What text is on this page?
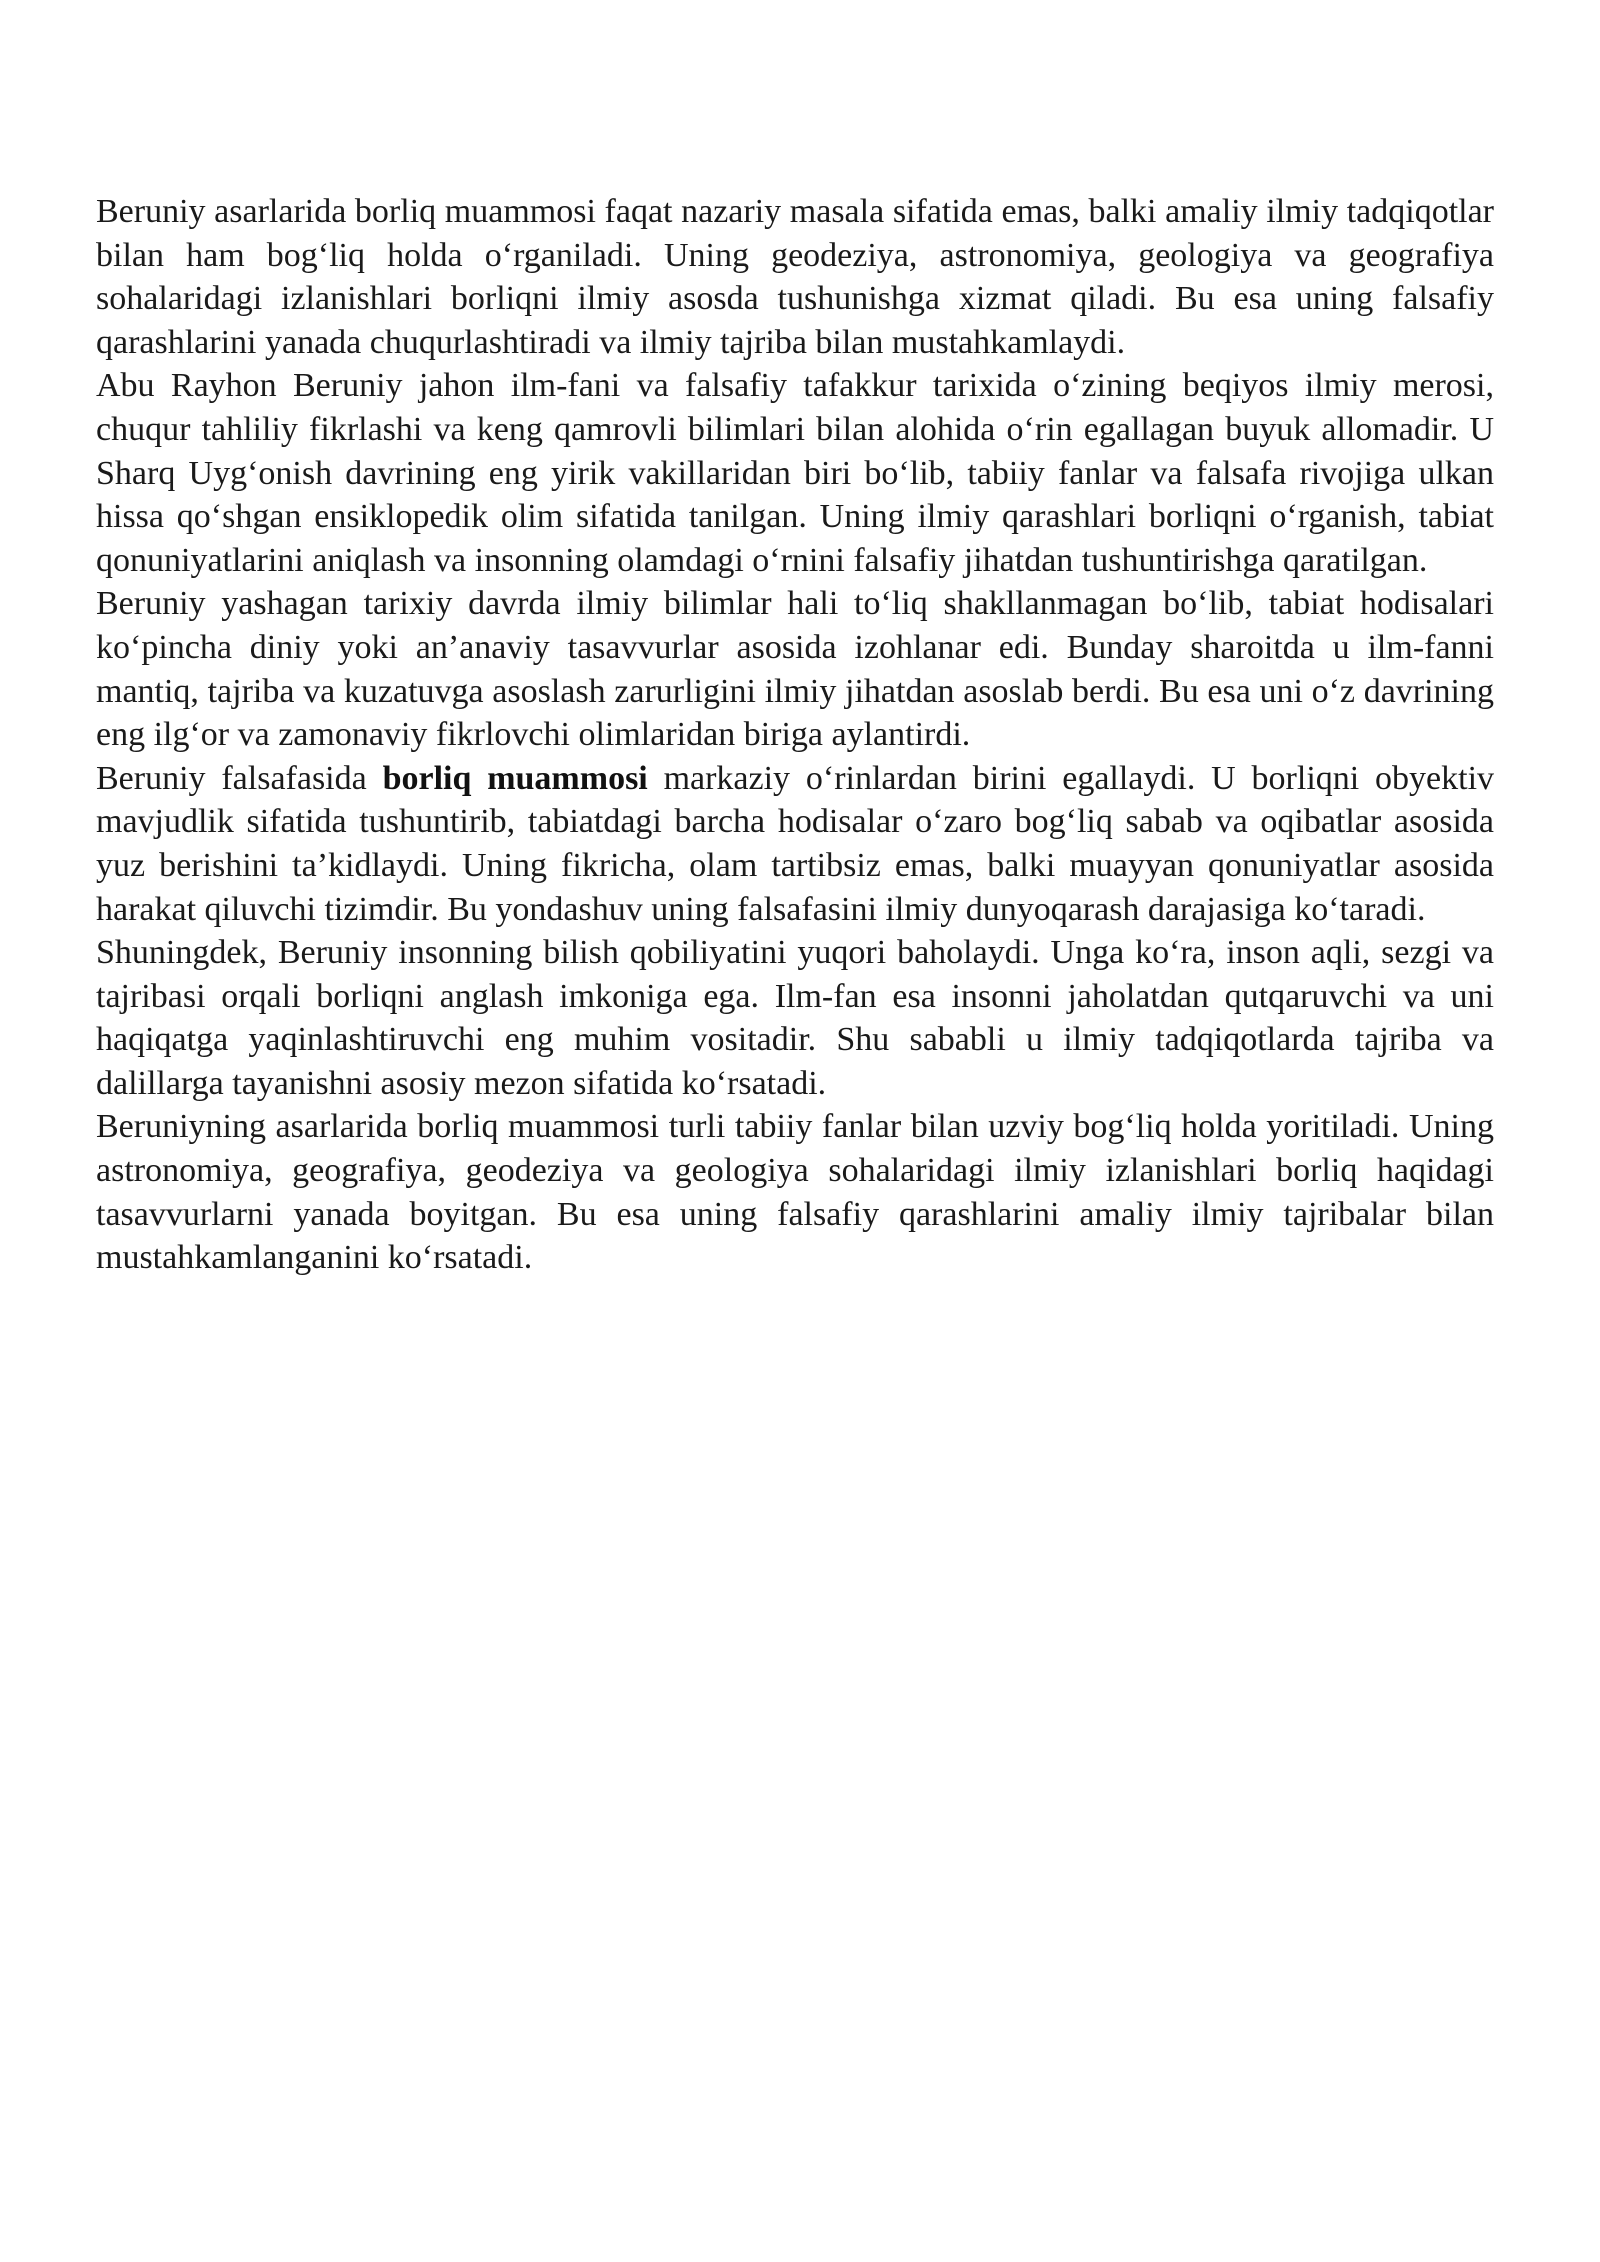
Beruniy asarlarida borliq muammosi faqat nazariy masala sifatida emas, balki amaliy ilmiy tadqiqotlar bilan ham bog‘liq holda o‘rganiladi. Uning geodeziya, astronomiya, geologiya va geografiya sohalaridagi izlanishlari borliqni ilmiy asosda tushunishga xizmat qiladi. Bu esa uning falsafiy qarashlarini yanada chuqurlashtiradi va ilmiy tajriba bilan mustahkamlaydi.

Abu Rayhon Beruniy jahon ilm-fani va falsafiy tafakkur tarixida o‘zining beqiyos ilmiy merosi, chuqur tahliliy fikrlashi va keng qamrovli bilimlari bilan alohida o‘rin egallagan buyuk allomadir. U Sharq Uyg‘onish davrining eng yirik vakillaridan biri bo‘lib, tabiiy fanlar va falsafa rivojiga ulkan hissa qo‘shgan ensiklopedik olim sifatida tanilgan. Uning ilmiy qarashlari borliqni o‘rganish, tabiat qonuniyatlarini aniqlash va insonning olamdagi o‘rnini falsafiy jihatdan tushuntirishga qaratilgan.

Beruniy yashagan tarixiy davrda ilmiy bilimlar hali to‘liq shakllanmagan bo‘lib, tabiat hodisalari ko‘pincha diniy yoki an’anaviy tasavvurlar asosida izohlanar edi. Bunday sharoitda u ilm-fanni mantiq, tajriba va kuzatuvga asoslash zarurligini ilmiy jihatdan asoslab berdi. Bu esa uni o‘z davrining eng ilg‘or va zamonaviy fikrlovchi olimlaridan biriga aylantirdi.

Beruniy falsafasida borliq muammosi markaziy o‘rinlardan birini egallaydi. U borliqni obyektiv mavjudlik sifatida tushuntirib, tabiatdagi barcha hodisalar o‘zaro bog‘liq sabab va oqibatlar asosida yuz berishini ta’kidlaydi. Uning fikricha, olam tartibsiz emas, balki muayyan qonuniyatlar asosida harakat qiluvchi tizimdir. Bu yondashuv uning falsafasini ilmiy dunyoqarash darajasiga ko‘taradi.

Shuningdek, Beruniy insonning bilish qobiliyatini yuqori baholaydi. Unga ko‘ra, inson aqli, sezgi va tajribasi orqali borliqni anglash imkoniga ega. Ilm-fan esa insonni jaholatdan qutqaruvchi va uni haqiqatga yaqinlashtiruvchi eng muhim vositadir. Shu sababli u ilmiy tadqiqotlarda tajriba va dalillarga tayanishni asosiy mezon sifatida ko‘rsatadi.

Beruniyning asarlarida borliq muammosi turli tabiiy fanlar bilan uzviy bog‘liq holda yoritiladi. Uning astronomiya, geografiya, geodeziya va geologiya sohalaridagi ilmiy izlanishlari borliq haqidagi tasavvurlarni yanada boyitgan. Bu esa uning falsafiy qarashlarini amaliy ilmiy tajribalar bilan mustahkamlanganini ko‘rsatadi.
